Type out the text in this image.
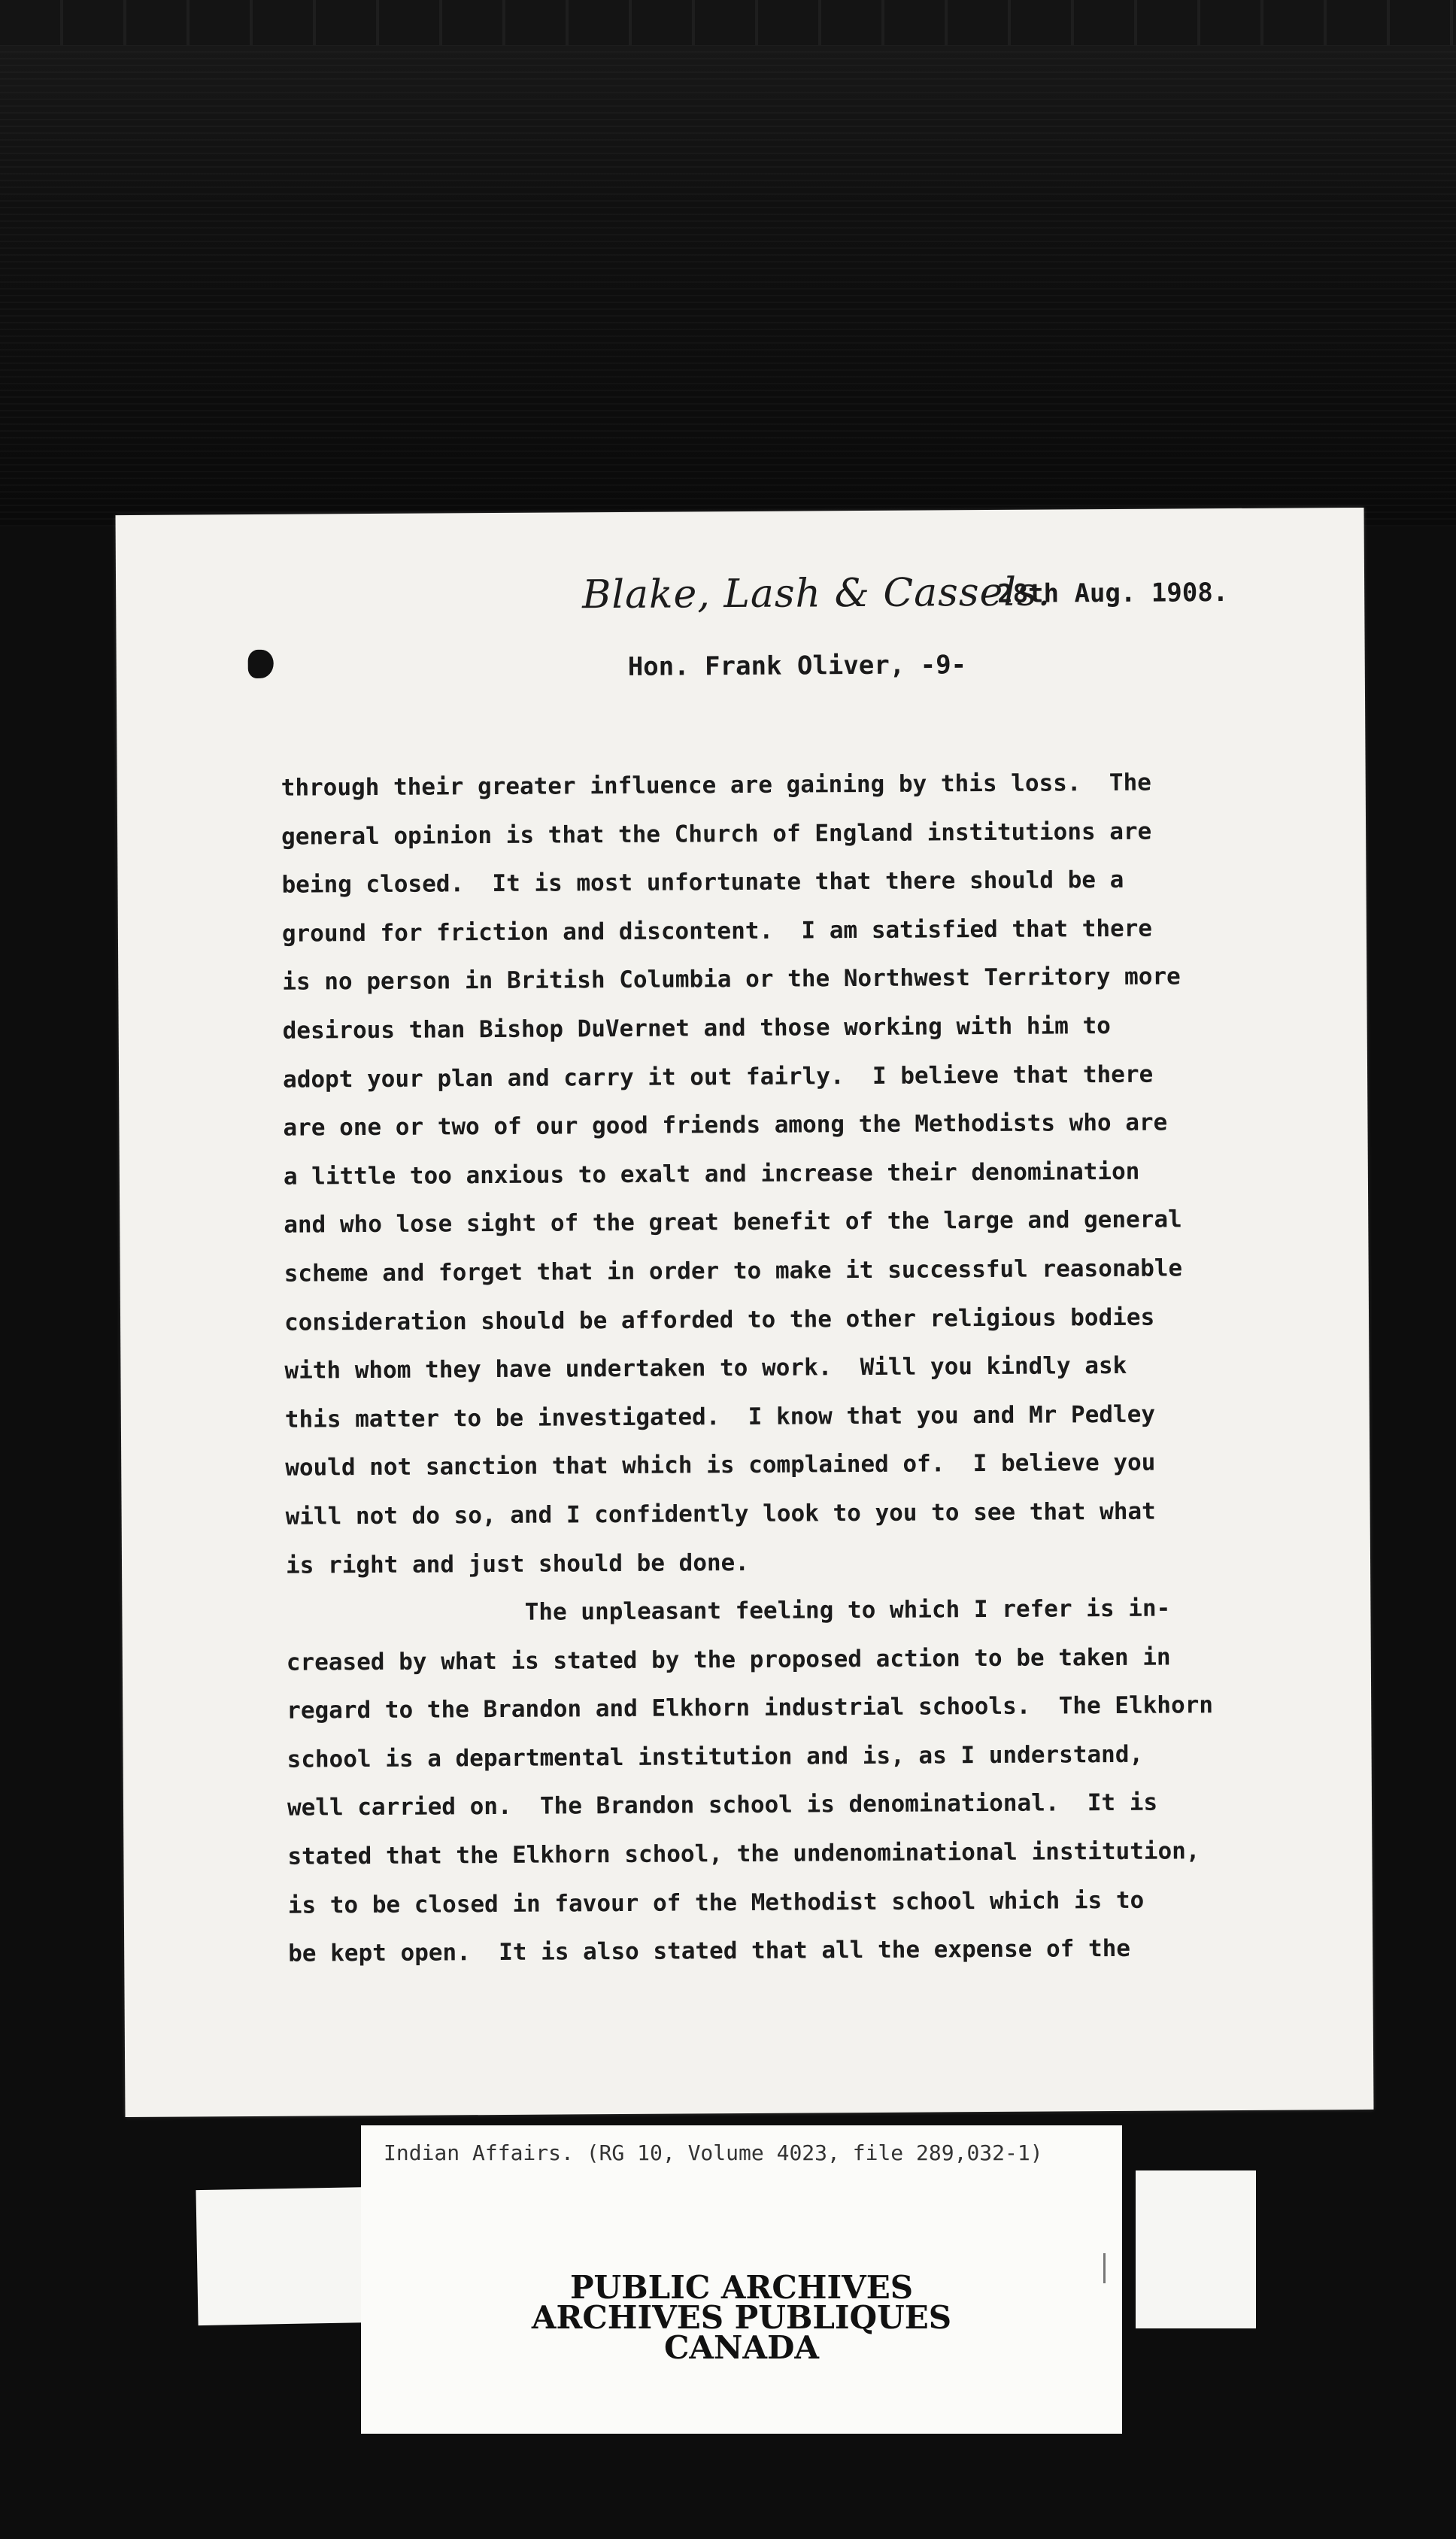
Blake, Lash & Cassels.
28th Aug. 1908.
Hon. Frank Oliver, -9-
through their greater influence are gaining by this loss.  The
general opinion is that the Church of England institutions are
being closed.  It is most unfortunate that there should be a
ground for friction and discontent.  I am satisfied that there
is no person in British Columbia or the Northwest Territory more
desirous than Bishop DuVernet and those working with him to
adopt your plan and carry it out fairly.  I believe that there
are one or two of our good friends among the Methodists who are
a little too anxious to exalt and increase their denomination
and who lose sight of the great benefit of the large and general
scheme and forget that in order to make it successful reasonable
consideration should be afforded to the other religious bodies
with whom they have undertaken to work.  Will you kindly ask
this matter to be investigated.  I know that you and Mr Pedley
would not sanction that which is complained of.  I believe you
will not do so, and I confidently look to you to see that what
is right and just should be done.
The unpleasant feeling to which I refer is in-
creased by what is stated by the proposed action to be taken in
regard to the Brandon and Elkhorn industrial schools.  The Elkhorn
school is a departmental institution and is, as I understand,
well carried on.  The Brandon school is denominational.  It is
stated that the Elkhorn school, the undenominational institution,
is to be closed in favour of the Methodist school which is to
be kept open.  It is also stated that all the expense of the
Indian Affairs. (RG 10, Volume 4023, file 289,032-1)
PUBLIC ARCHIVES
ARCHIVES PUBLIQUES
CANADA
